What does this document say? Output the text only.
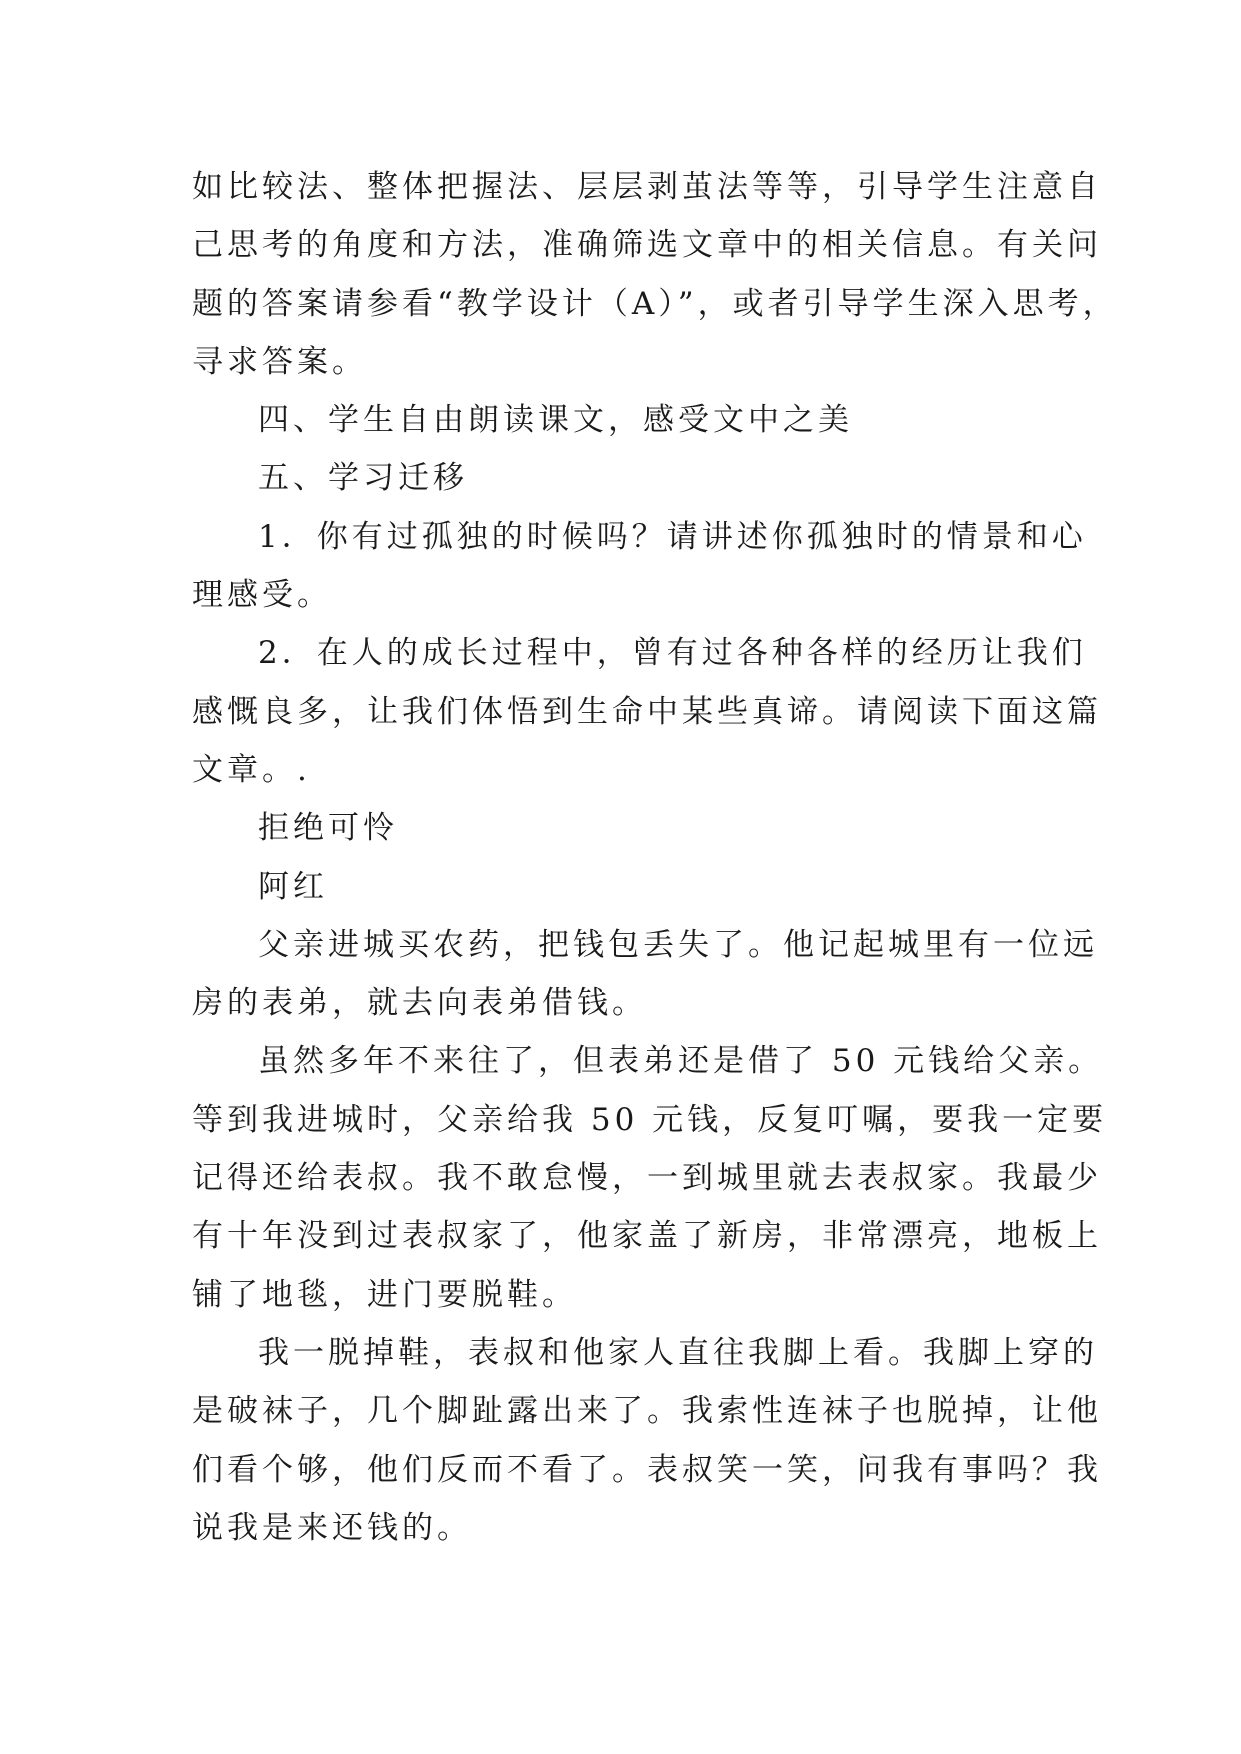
如比较法、整体把握法、层层剥茧法等等，引导学生注意自
己思考的角度和方法，准确筛选文章中的相关信息。有关问
题的答案请参看“教学设计（A）”，或者引导学生深入思考，
寻求答案。
四、学生自由朗读课文，感受文中之美
五、学习迁移
1．你有过孤独的时候吗？请讲述你孤独时的情景和心
理感受。
2．在人的成长过程中，曾有过各种各样的经历让我们
感慨良多，让我们体悟到生命中某些真谛。请阅读下面这篇
文章。.
拒绝可怜
阿红
父亲进城买农药，把钱包丢失了。他记起城里有一位远
房的表弟，就去向表弟借钱。
虽然多年不来往了，但表弟还是借了 50 元钱给父亲。
等到我进城时，父亲给我 50 元钱，反复叮嘱，要我一定要
记得还给表叔。我不敢怠慢，一到城里就去表叔家。我最少
有十年没到过表叔家了，他家盖了新房，非常漂亮，地板上
铺了地毯，进门要脱鞋。
我一脱掉鞋，表叔和他家人直往我脚上看。我脚上穿的
是破袜子，几个脚趾露出来了。我索性连袜子也脱掉，让他
们看个够，他们反而不看了。表叔笑一笑，问我有事吗？我
说我是来还钱的。
